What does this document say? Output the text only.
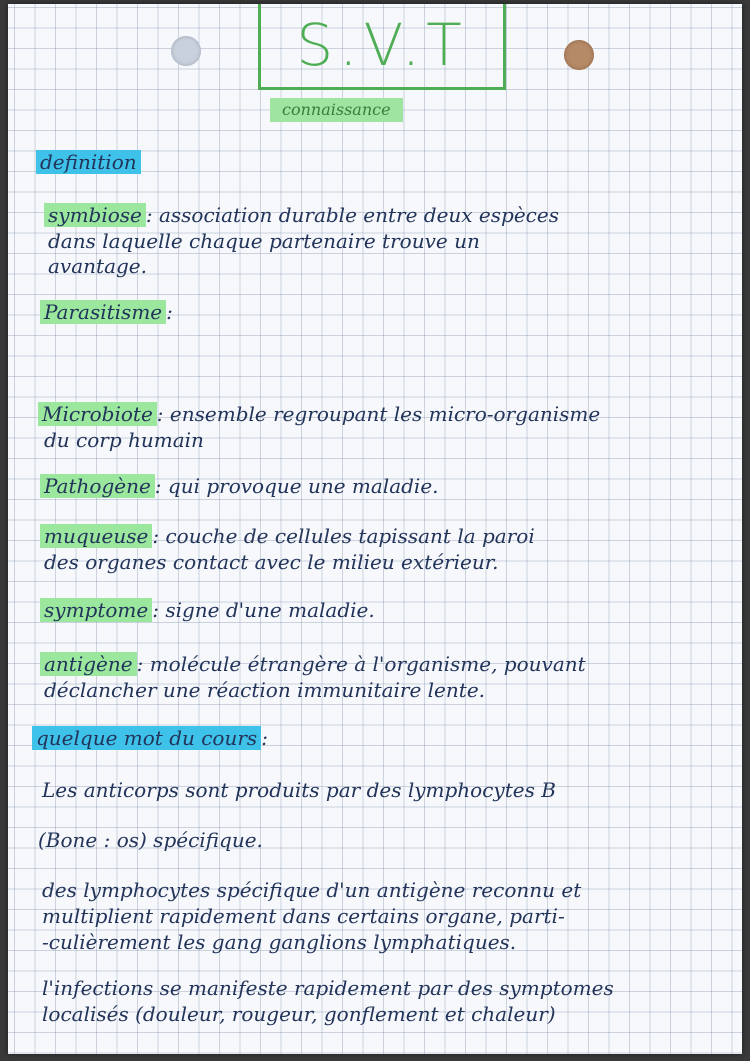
S.V.T
connaissance
definition
symbiose : association durable entre deux espèces
dans laquelle chaque partenaire trouve un
avantage.
Parasitisme :
Microbiote : ensemble regroupant les micro-organisme
du corp humain
Pathogène : qui provoque une maladie.
muqueuse : couche de cellules tapissant la paroi
des organes contact avec le milieu extérieur.
symptome : signe d'une maladie.
antigène : molécule étrangère à l'organisme, pouvant
déclancher une réaction immunitaire lente.
quelque mot du cours :
Les anticorps sont produits par des lymphocytes B
(Bone : os) spécifique.
des lymphocytes spécifique d'un antigène reconnu et
multiplient rapidement dans certains organe, parti-
-culièrement les gang ganglions lymphatiques.
l'infections se manifeste rapidement par des symptomes
localisés (douleur, rougeur, gonflement et chaleur)
